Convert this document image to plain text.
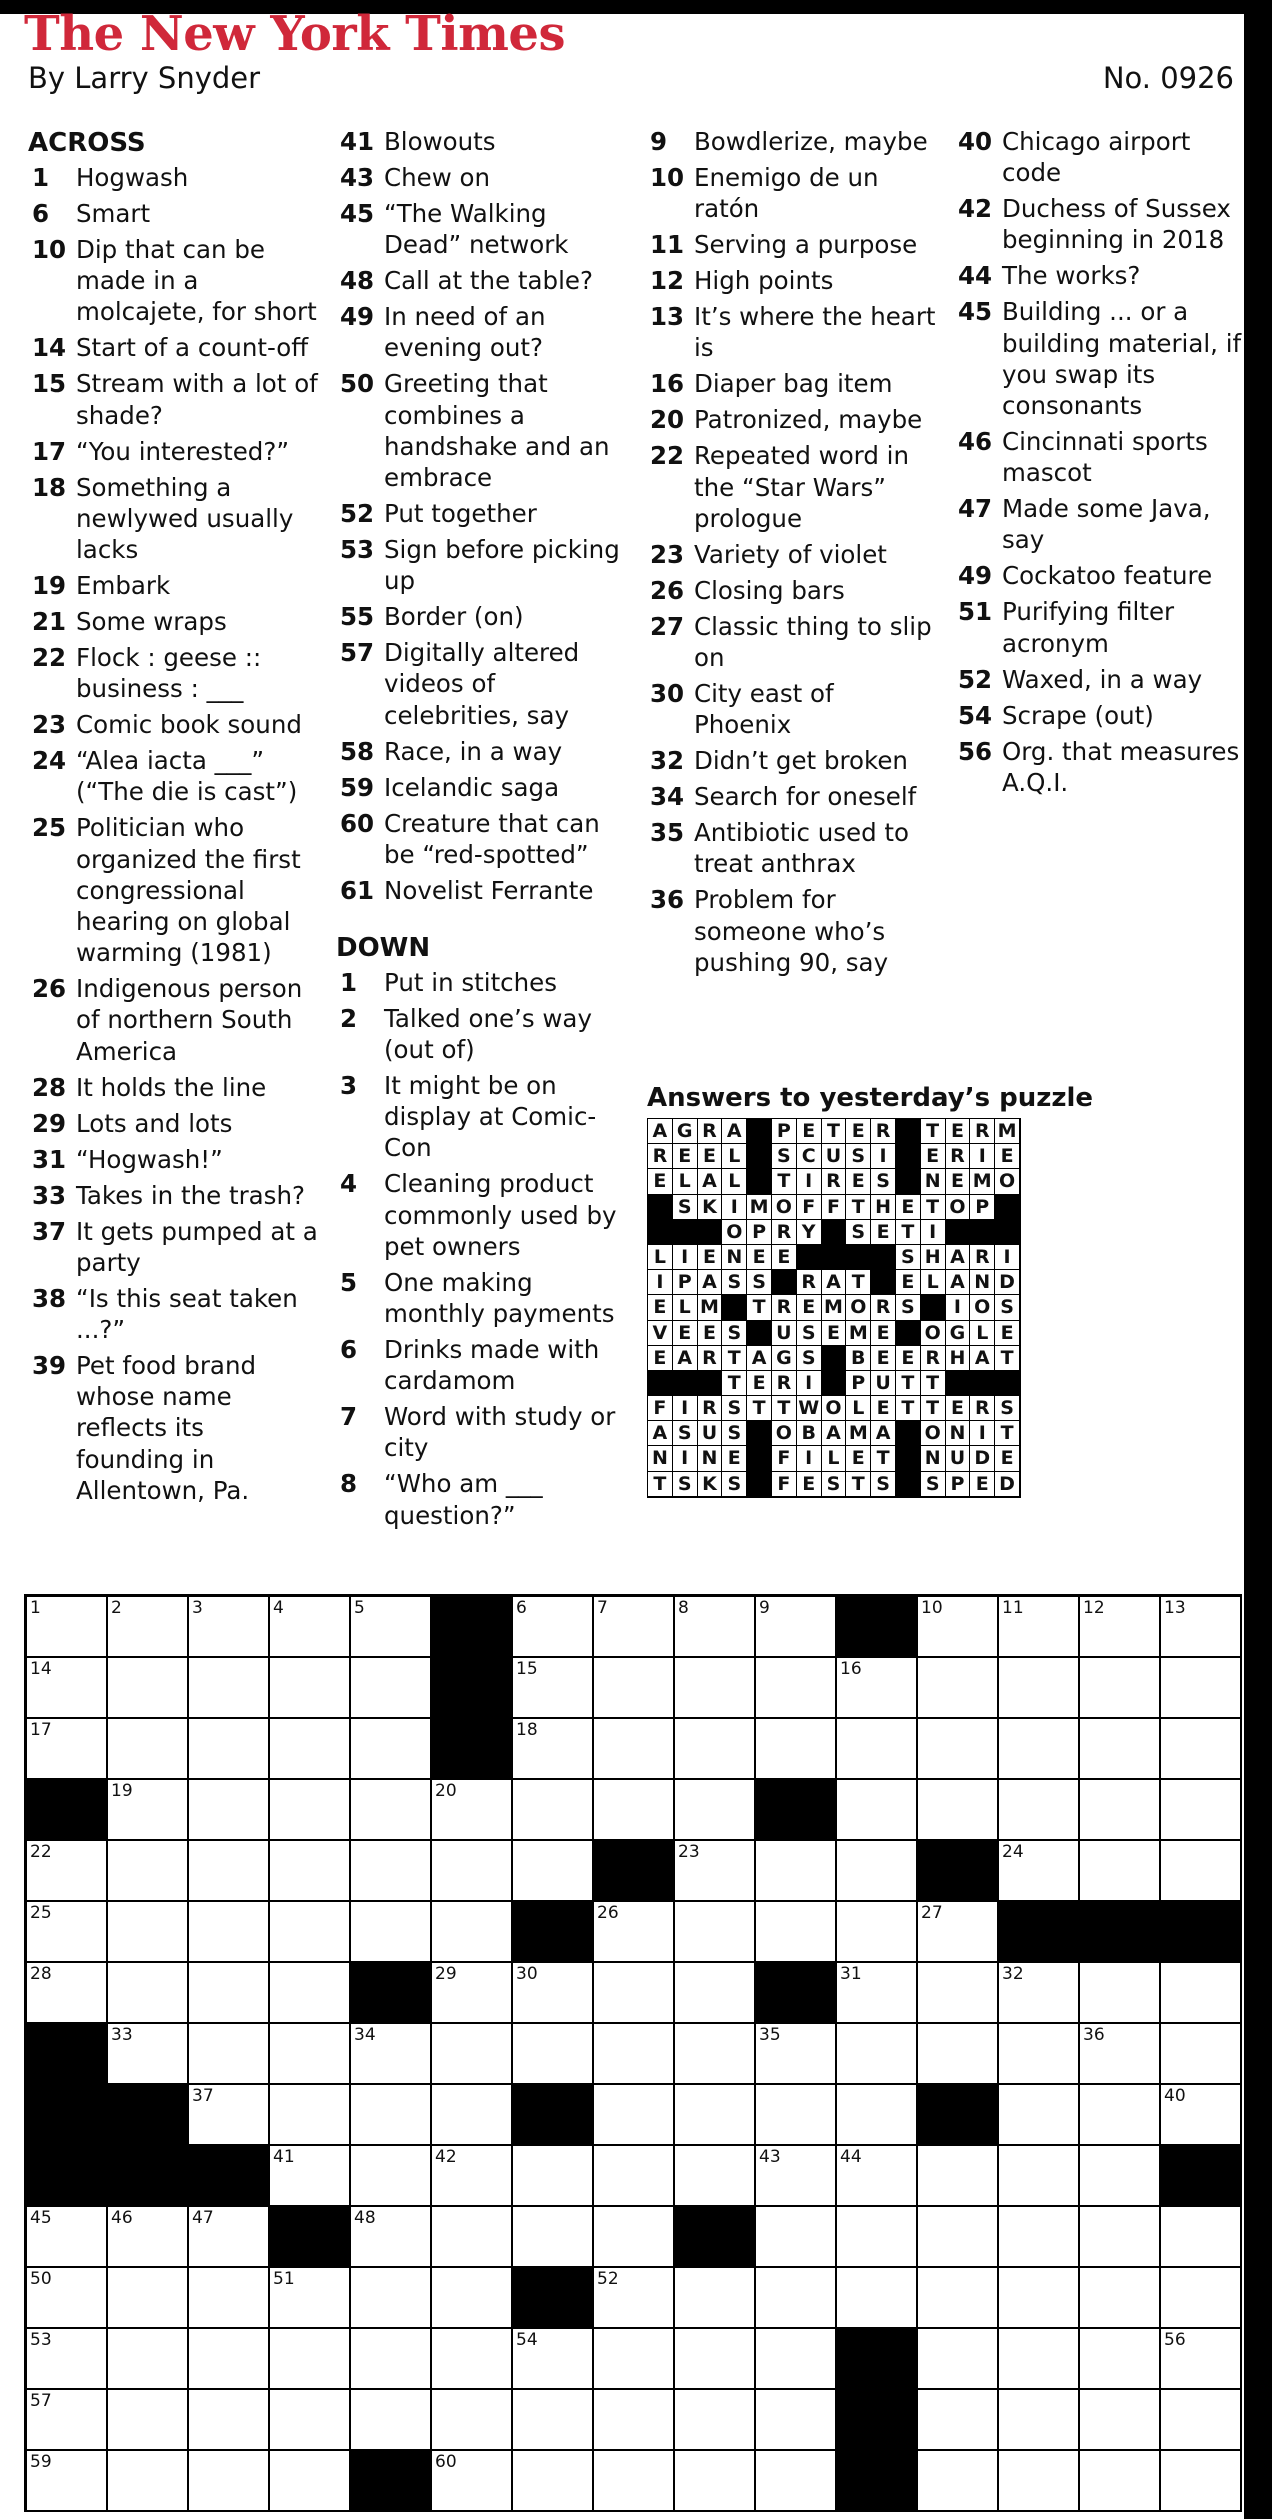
The New York Times
By Larry Snyder	No. 0926
ACROSS
1	Hogwash
6	Smart
10 Dip that can be made in a molcajete, for short
14 Start of a count-off
15 Stream with a lot of shade?
17 “You interested?”
18 Something a newlywed usually lacks
19 Embark
21 Some wraps
22 Flock : geese :: business : ___
23 Comic book sound
24 “Alea iacta ___” (“The die is cast”)
25 Politician who organized the first congressional hearing on global warming (1981)
26 Indigenous person of northern South America
28 It holds the line
29 Lots and lots
31 “Hogwash!”
33 Takes in the trash?
37 It gets pumped at a party
38 “Is this seat taken ...?”
39 Pet food brand whose name reflects its founding in Allentown, Pa.
41 Blowouts
43 Chew on
45 “The Walking Dead” network
48 Call at the table?
49 In need of an evening out?
50 Greeting that combines a handshake and an embrace
52 Put together
53 Sign before picking up
55 Border (on)
57 Digitally altered videos of celebrities, say
58 Race, in a way
59 Icelandic saga
60 Creature that can be “red-spotted”
61 Novelist Ferrante
DOWN
1	Put in stitches
2	Talked one’s way (out of)
3	It might be on display at Comic-Con
4	Cleaning product commonly used by pet owners
5	One making monthly payments
6	Drinks made with cardamom
7	Word with study or city
8	“Who am ___ question?”
9	Bowdlerize, maybe
10 Enemigo de un ratón
11 Serving a purpose
12 High points
13 It’s where the heart is
16 Diaper bag item
20 Patronized, maybe
22 Repeated word in the “Star Wars” prologue
23 Variety of violet
26 Closing bars
27 Classic thing to slip on
30 City east of Phoenix
32 Didn’t get broken
34 Search for oneself
35 Antibiotic used to treat anthrax
36 Problem for someone who’s pushing 90, say
40 Chicago airport code
42 Duchess of Sussex beginning in 2018
44 The works?
45 Building ... or a building material, if you swap its consonants
46 Cincinnati sports mascot
47 Made some Java, say
49 Cockatoo feature
51 Purifying filter acronym
52 Waxed, in a way
54 Scrape (out)
56 Org. that measures A.Q.I.
Answers to yesterday’s puzzle
A G R A P E T E R T E R M
R E E L	S C U S I	E R I E
E L A L	T I R E S	N E M O
S K I M O F F T H E T O P
O P R Y	S E T I
L I E N E E	S H A R I
I P A S S	R A T	E L A N D
E L M T R E M O R S	I O S
V E E S	U S E M E	O G L E
E A R T A G S	B E E R H A T
T E R I	P U T T
F I R S T T W O L E T T E R S
A S U S	O B A M A O N I T
N I N E	F I L E T	N U D E
T S K S	F E S T S	S P E D
1	2	3	4	5	6	7	8	9	10	11	12	13
14	15	16
17	18
19	20
22	23	24
25	26	27
28	29	30	31	32
33	34	35	36
37	40
41	42	43	44
45	46	47	48
50	51	52
53	54	56
57
59	60
